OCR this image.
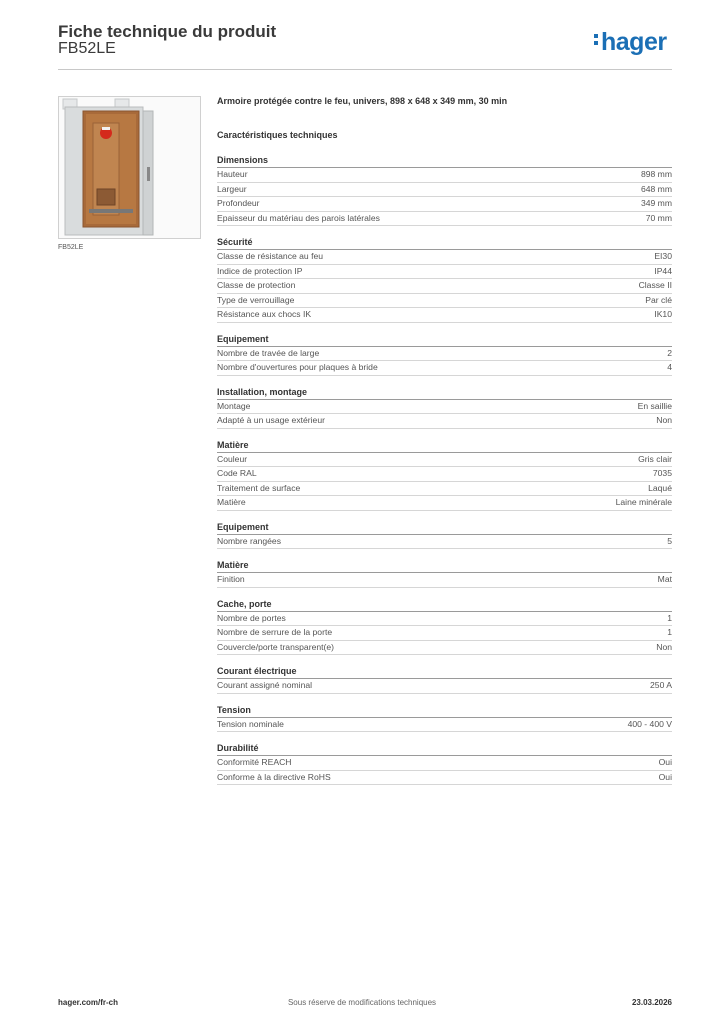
Fiche technique du produit
FB52LE	hager
FB52LE

Armoire protégée contre le feu, univers, 898 x 648 x 349 mm, 30 min

Caractéristiques techniques

Dimensions
Hauteur	898 mm
Largeur	648 mm
Profondeur	349 mm
Epaisseur du matériau des parois latérales	70 mm
Sécurité
Classe de résistance au feu	EI30
Indice de protection IP	IP44
Classe de protection	Classe II
Type de verrouillage	Par clé
Résistance aux chocs IK	IK10
Equipement
Nombre de travée de large	2
Nombre d'ouvertures pour plaques à bride	4
Installation, montage
Montage	En saillie
Adapté à un usage extérieur	Non
Matière
Couleur	Gris clair
Code RAL	7035
Traitement de surface	Laqué
Matière	Laine minérale
Equipement
Nombre rangées	5
Matière
Finition	Mat
Cache, porte
Nombre de portes	1
Nombre de serrure de la porte	1
Couvercle/porte transparent(e)	Non
Courant électrique
Courant assigné nominal	250 A
Tension
Tension nominale	400 - 400 V
Durabilité
Conformité REACH	Oui
Conforme à la directive RoHS	Oui
hager.com/fr-ch	Sous réserve de modifications techniques	23.03.2026
